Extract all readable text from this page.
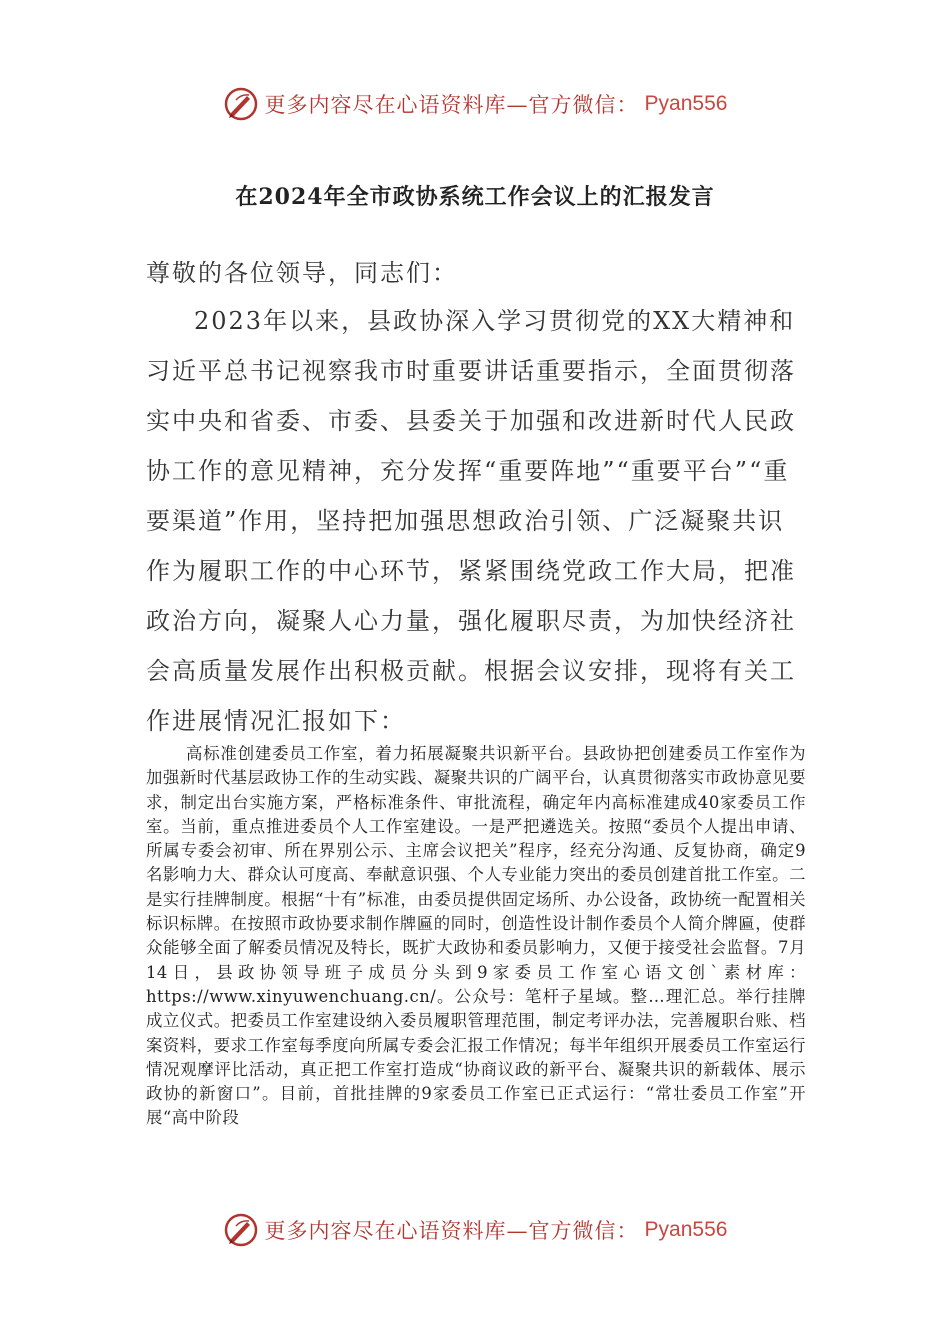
更多内容尽在心语资料库—官方微信： Pyan556
在2024年全市政协系统工作会议上的汇报发言
尊敬的各位领导，同志们：

2023年以来，县政协深入学习贯彻党的XX大精神和习近平总书记视察我市时重要讲话重要指示，全面贯彻落实中央和省委、市委、县委关于加强和改进新时代人民政协工作的意见精神，充分发挥“重要阵地”“重要平台”“重要渠道”作用，坚持把加强思想政治引领、广泛凝聚共识作为履职工作的中心环节，紧紧围绕党政工作大局，把准政治方向，凝聚人心力量，强化履职尽责，为加快经济社会高质量发展作出积极贡献。根据会议安排，现将有关工作进展情况汇报如下：

高标准创建委员工作室，着力拓展凝聚共识新平台。县政协把创建委员工作室作为加强新时代基层政协工作的生动实践、凝聚共识的广阔平台，认真贯彻落实市政协意见要求，制定出台实施方案，严格标准条件、审批流程，确定年内高标准建成40家委员工作室。当前，重点推进委员个人工作室建设。一是严把遴选关。按照“委员个人提出申请、所属专委会初审、所在界别公示、主席会议把关”程序，经充分沟通、反复协商，确定9名影响力大、群众认可度高、奉献意识强、个人专业能力突出的委员创建首批工作室。二是实行挂牌制度。根据“十有”标准，由委员提供固定场所、办公设备，政协统一配置相关标识标牌。在按照市政协要求制作牌匾的同时，创造性设计制作委员个人简介牌匾，使群众能够全面了解委员情况及特长，既扩大政协和委员影响力，又便于接受社会监督。7月14日，县政协领导班子成员分头到9家委员工作室心语文创`素材库：https://www.xinyuwenchuang.cn/。公众号：笔杆子星域。整…理汇总。举行挂牌成立仪式。把委员工作室建设纳入委员履职管理范围，制定考评办法，完善履职台账、档案资料，要求工作室每季度向所属专委会汇报工作情况；每半年组织开展委员工作室运行情况观摩评比活动，真正把工作室打造成“协商议政的新平台、凝聚共识的新载体、展示政协的新窗口”。目前，首批挂牌的9家委员工作室已正式运行：“常壮委员工作室”开展“高中阶段

更多内容尽在心语资料库—官方微信： Pyan556
